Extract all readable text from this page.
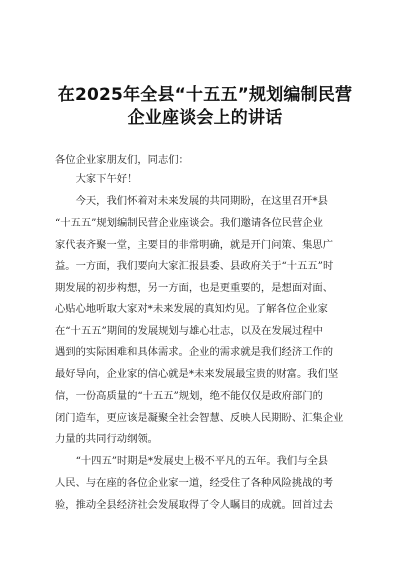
在2025年全县“十五五”规划编制民营
企业座谈会上的讲话
各位企业家朋友们，同志们：
　　大家下午好！
　　今天，我们怀着对未来发展的共同期盼，在这里召开*县
“十五五”规划编制民营企业座谈会。我们邀请各位民营企业
家代表齐聚一堂，主要目的非常明确，就是开门问策、集思广
益。一方面，我们要向大家汇报县委、县政府关于“十五五”时
期发展的初步构想，另一方面，也是更重要的，是想面对面、
心贴心地听取大家对*未来发展的真知灼见。了解各位企业家
在“十五五”期间的发展规划与雄心壮志，以及在发展过程中
遇到的实际困难和具体需求。企业的需求就是我们经济工作的
最好导向，企业家的信心就是*未来发展最宝贵的财富。我们坚
信，一份高质量的“十五五”规划，绝不能仅仅是政府部门的
闭门造车，更应该是凝聚全社会智慧、反映人民期盼、汇集企业
力量的共同行动纲领。
　　“十四五”时期是*发展史上极不平凡的五年。我们与全县
人民、与在座的各位企业家一道，经受住了各种风险挑战的考
验，推动全县经济社会发展取得了令人瞩目的成就。回首过去
